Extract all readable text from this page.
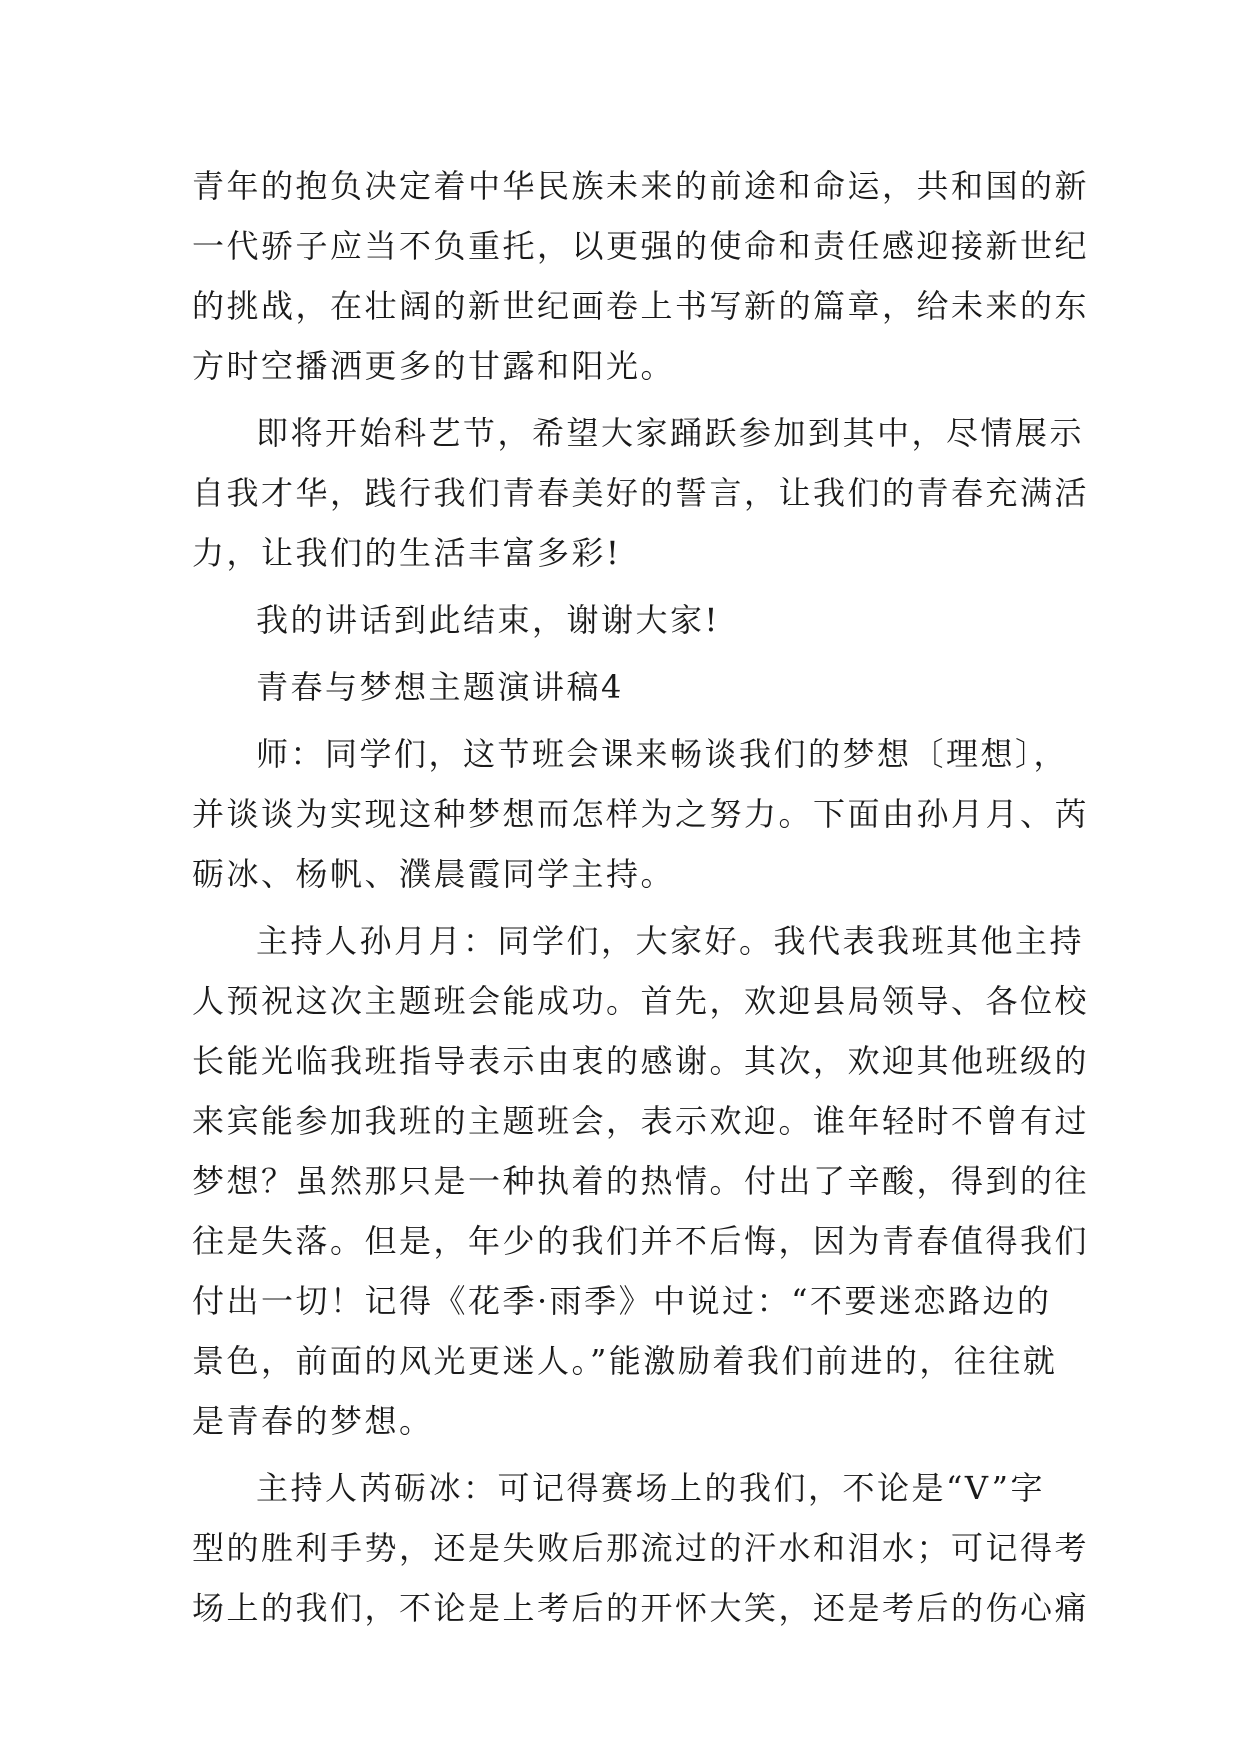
青年的抱负决定着中华民族未来的前途和命运，共和国的新
一代骄子应当不负重托，以更强的使命和责任感迎接新世纪
的挑战，在壮阔的新世纪画卷上书写新的篇章，给未来的东
方时空播洒更多的甘露和阳光。
即将开始科艺节，希望大家踊跃参加到其中，尽情展示
自我才华，践行我们青春美好的誓言，让我们的青春充满活
力，让我们的生活丰富多彩!
我的讲话到此结束，谢谢大家!
青春与梦想主题演讲稿4
师：同学们，这节班会课来畅谈我们的梦想〔理想〕，
并谈谈为实现这种梦想而怎样为之努力。下面由孙月月、芮
砺冰、杨帆、濮晨霞同学主持。
主持人孙月月：同学们，大家好。我代表我班其他主持
人预祝这次主题班会能成功。首先，欢迎县局领导、各位校
长能光临我班指导表示由衷的感谢。其次，欢迎其他班级的
来宾能参加我班的主题班会，表示欢迎。谁年轻时不曾有过
梦想？虽然那只是一种执着的热情。付出了辛酸，得到的往
往是失落。但是，年少的我们并不后悔，因为青春值得我们
付出一切！记得《花季·雨季》中说过：“不要迷恋路边的
景色，前面的风光更迷人。”能激励着我们前进的，往往就
是青春的梦想。
主持人芮砺冰：可记得赛场上的我们，不论是“V”字
型的胜利手势，还是失败后那流过的汗水和泪水；可记得考
场上的我们，不论是上考后的开怀大笑，还是考后的伤心痛
